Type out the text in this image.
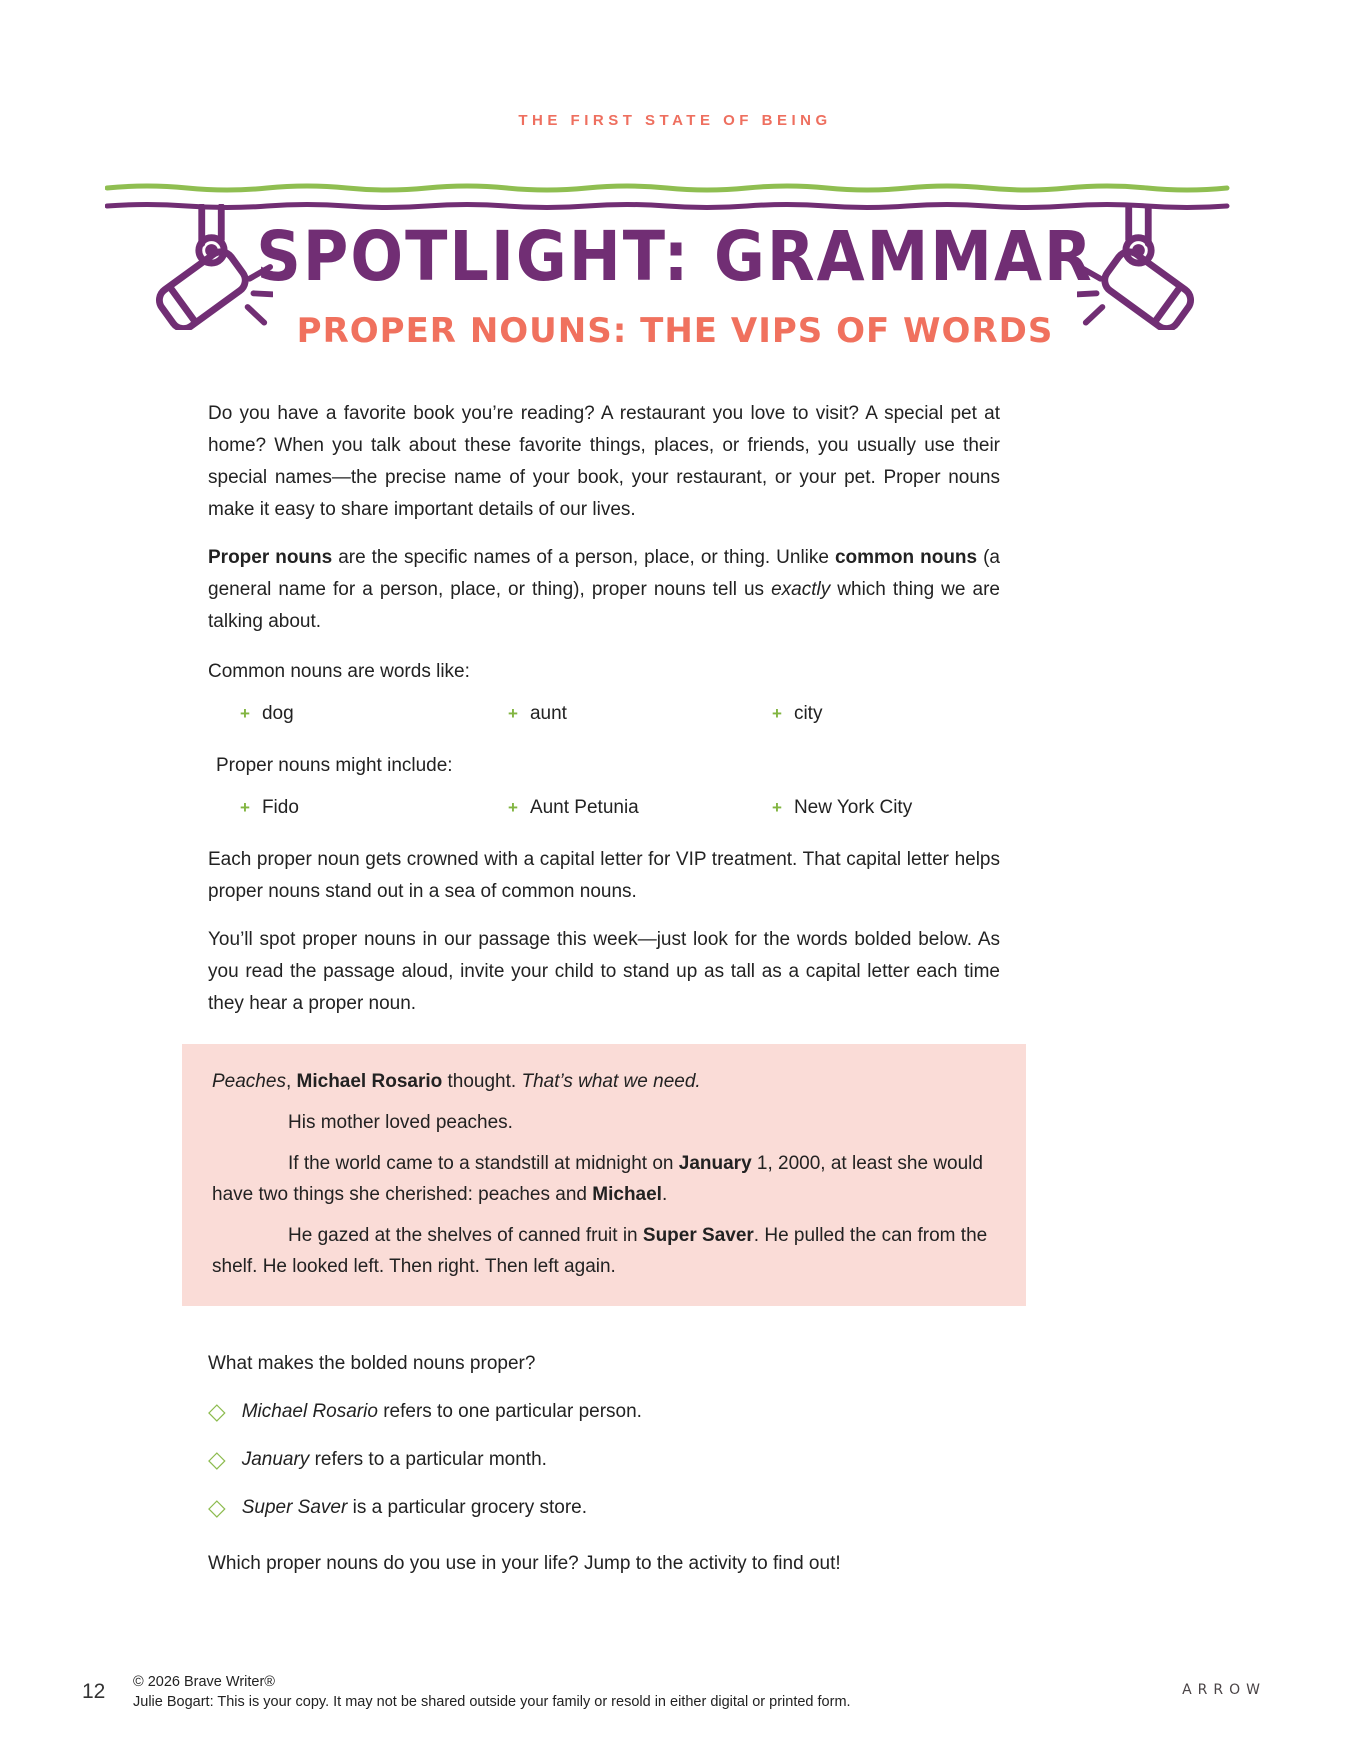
THE FIRST STATE OF BEING
SPOTLIGHT: GRAMMAR
PROPER NOUNS: THE VIPS OF WORDS

Do you have a favorite book you’re reading? A restaurant you love to visit? A special pet at home? When you talk about these favorite things, places, or friends, you usually use their special names—the precise name of your book, your restaurant, or your pet. Proper nouns make it easy to share important details of our lives.

Proper nouns are the specific names of a person, place, or thing. Unlike common nouns (a general name for a person, place, or thing), proper nouns tell us exactly which thing we are talking about.

Common nouns are words like:
+ dog	+ aunt	+ city
Proper nouns might include:
+ Fido	+ Aunt Petunia	+ New York City

Each proper noun gets crowned with a capital letter for VIP treatment. That capital letter helps proper nouns stand out in a sea of common nouns.

You’ll spot proper nouns in our passage this week—just look for the words bolded below. As you read the passage aloud, invite your child to stand up as tall as a capital letter each time they hear a proper noun.

Peaches, Michael Rosario thought. That’s what we need.

His mother loved peaches.

If the world came to a standstill at midnight on January 1, 2000, at least she would have two things she cherished: peaches and Michael.

He gazed at the shelves of canned fruit in Super Saver. He pulled the can from the shelf. He looked left. Then right. Then left again.

What makes the bolded nouns proper?
◇ Michael Rosario refers to one particular person.
◇ January refers to a particular month.
◇ Super Saver is a particular grocery store.
Which proper nouns do you use in your life? Jump to the activity to find out!
12 © 2026 Brave Writer®
Julie Bogart: This is your copy. It may not be shared outside your family or resold in either digital or printed form.
ARROW
